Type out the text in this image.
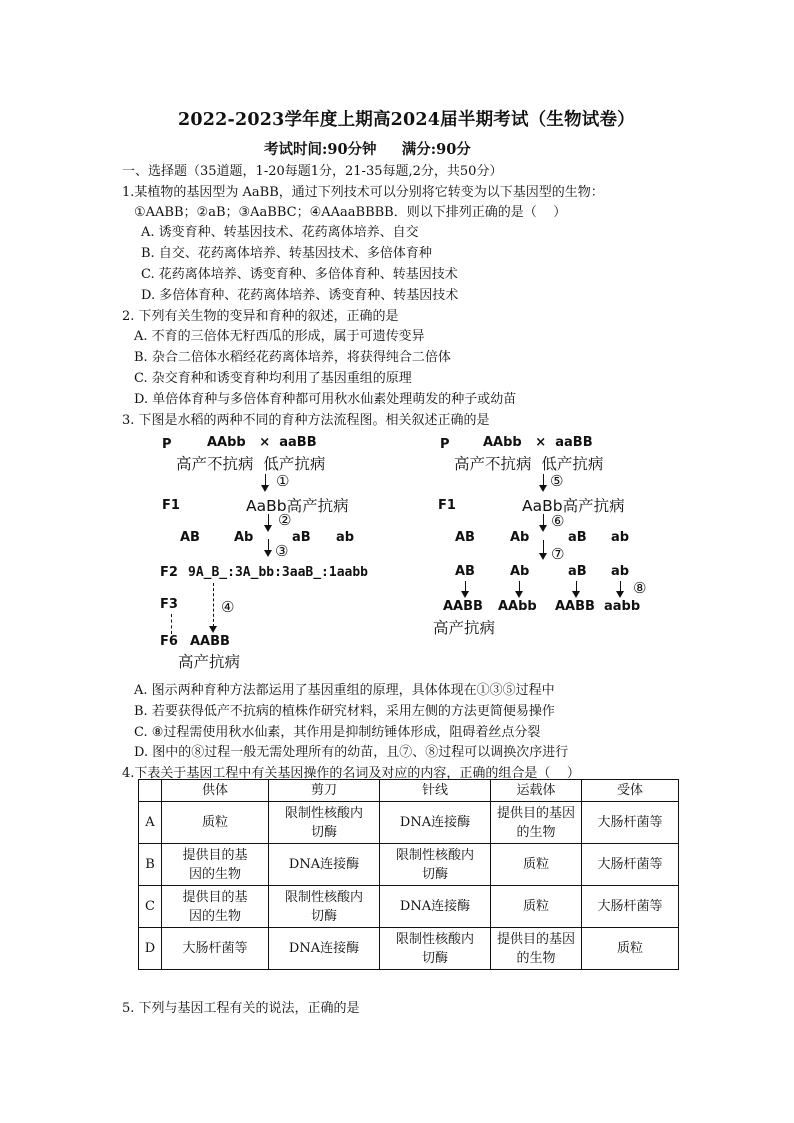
2022-2023学年度上期高2024届半期考试（生物试卷）
考试时间:90分钟     满分:90分
一、选择题（35道题，1-20每题1分，21-35每题,2分，共50分）
1.某植物的基因型为 AaBB，通过下列技术可以分别将它转变为以下基因型的生物：
①AABB；②aB；③AaBBC；④AAaaBBBB．则以下排列正确的是（    ）
A. 诱变育种、转基因技术、花药离体培养、自交
B. 自交、花药离体培养、转基因技术、多倍体育种
C. 花药离体培养、诱变育种、多倍体育种、转基因技术
D. 多倍体育种、花药离体培养、诱变育种、转基因技术
2. 下列有关生物的变异和育种的叙述，正确的是
A. 不育的三倍体无籽西瓜的形成，属于可遗传变异
B. 杂合二倍体水稻经花药离体培养，将获得纯合二倍体
C. 杂交育种和诱变育种均利用了基因重组的原理
D. 单倍体育种与多倍体育种都可用秋水仙素处理萌发的种子或幼苗
3. 下图是水稻的两种不同的育种方法流程图。相关叙述正确的是
P	AAbb   ×  aaBB
高产不抗病  低产抗病
①
F1	AaBb高产抗病
②
AB	Ab	aB ab
③
F2 9A_B_:3A_bb:3aaB_:1aabb
④
F3
F6 AABB
高产抗病
P	AAbb   ×  aaBB
高产不抗病  低产抗病
⑤
F1	AaBb高产抗病
⑥
AB	Ab	aB ab
⑦
AB	Ab	aB ab
⑧
AABB AAbb AABB aabb
高产抗病
A. 图示两种育种方法都运用了基因重组的原理，具体体现在①③⑤过程中
B. 若要获得低产不抗病的植株作研究材料，采用左侧的方法更简便易操作
C. ⑧过程需使用秋水仙素，其作用是抑制纺锤体形成，阻碍着丝点分裂
D. 图中的⑧过程一般无需处理所有的幼苗，且⑦、⑧过程可以调换次序进行
4.下表关于基因工程中有关基因操作的名词及对应的内容，正确的组合是（    ）
	供体	剪刀	针线	运载体	受体
A	质粒	限制性核酸内切酶	DNA连接酶	提供目的基因的生物	大肠杆菌等
B	提供目的基因的生物	DNA连接酶	限制性核酸内切酶	质粒	大肠杆菌等
C	提供目的基因的生物	限制性核酸内切酶	DNA连接酶	质粒	大肠杆菌等
D	大肠杆菌等	DNA连接酶	限制性核酸内切酶	提供目的基因的生物	质粒
5. 下列与基因工程有关的说法，正确的是
